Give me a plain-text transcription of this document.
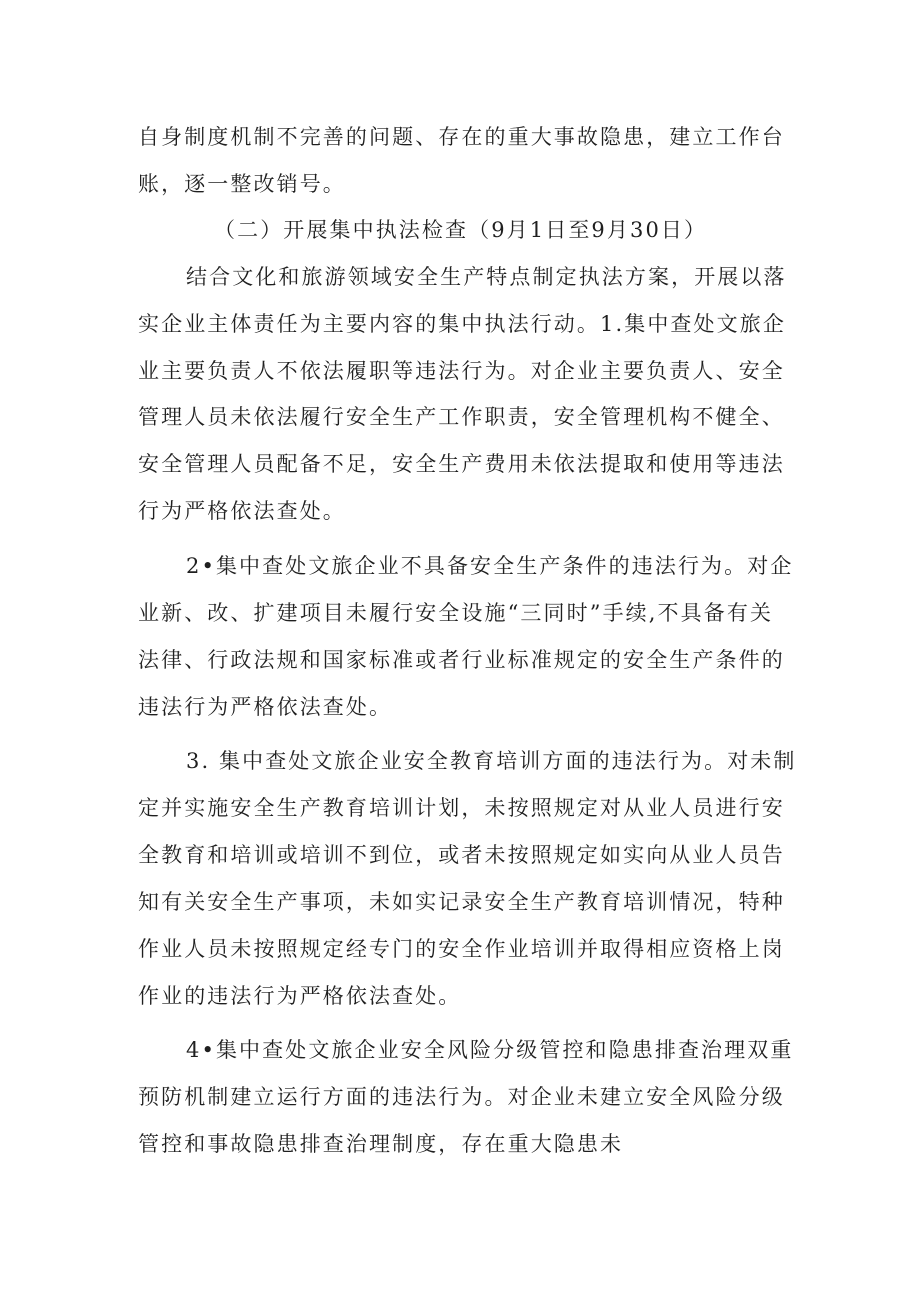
自身制度机制不完善的问题、存在的重大事故隐患，建立工作台
账，逐一整改销号。
（二）开展集中执法检查（9月1日至9月30日）
结合文化和旅游领域安全生产特点制定执法方案，开展以落
实企业主体责任为主要内容的集中执法行动。1.集中查处文旅企
业主要负责人不依法履职等违法行为。对企业主要负责人、安全
管理人员未依法履行安全生产工作职责，安全管理机构不健全、
安全管理人员配备不足，安全生产费用未依法提取和使用等违法
行为严格依法查处。
2•集中查处文旅企业不具备安全生产条件的违法行为。对企
业新、改、扩建项目未履行安全设施“三同时”手续,不具备有关
法律、行政法规和国家标准或者行业标准规定的安全生产条件的
违法行为严格依法查处。
3. 集中查处文旅企业安全教育培训方面的违法行为。对未制
定并实施安全生产教育培训计划，未按照规定对从业人员进行安
全教育和培训或培训不到位，或者未按照规定如实向从业人员告
知有关安全生产事项，未如实记录安全生产教育培训情况，特种
作业人员未按照规定经专门的安全作业培训并取得相应资格上岗
作业的违法行为严格依法查处。
4•集中查处文旅企业安全风险分级管控和隐患排查治理双重
预防机制建立运行方面的违法行为。对企业未建立安全风险分级
管控和事故隐患排查治理制度，存在重大隐患未
